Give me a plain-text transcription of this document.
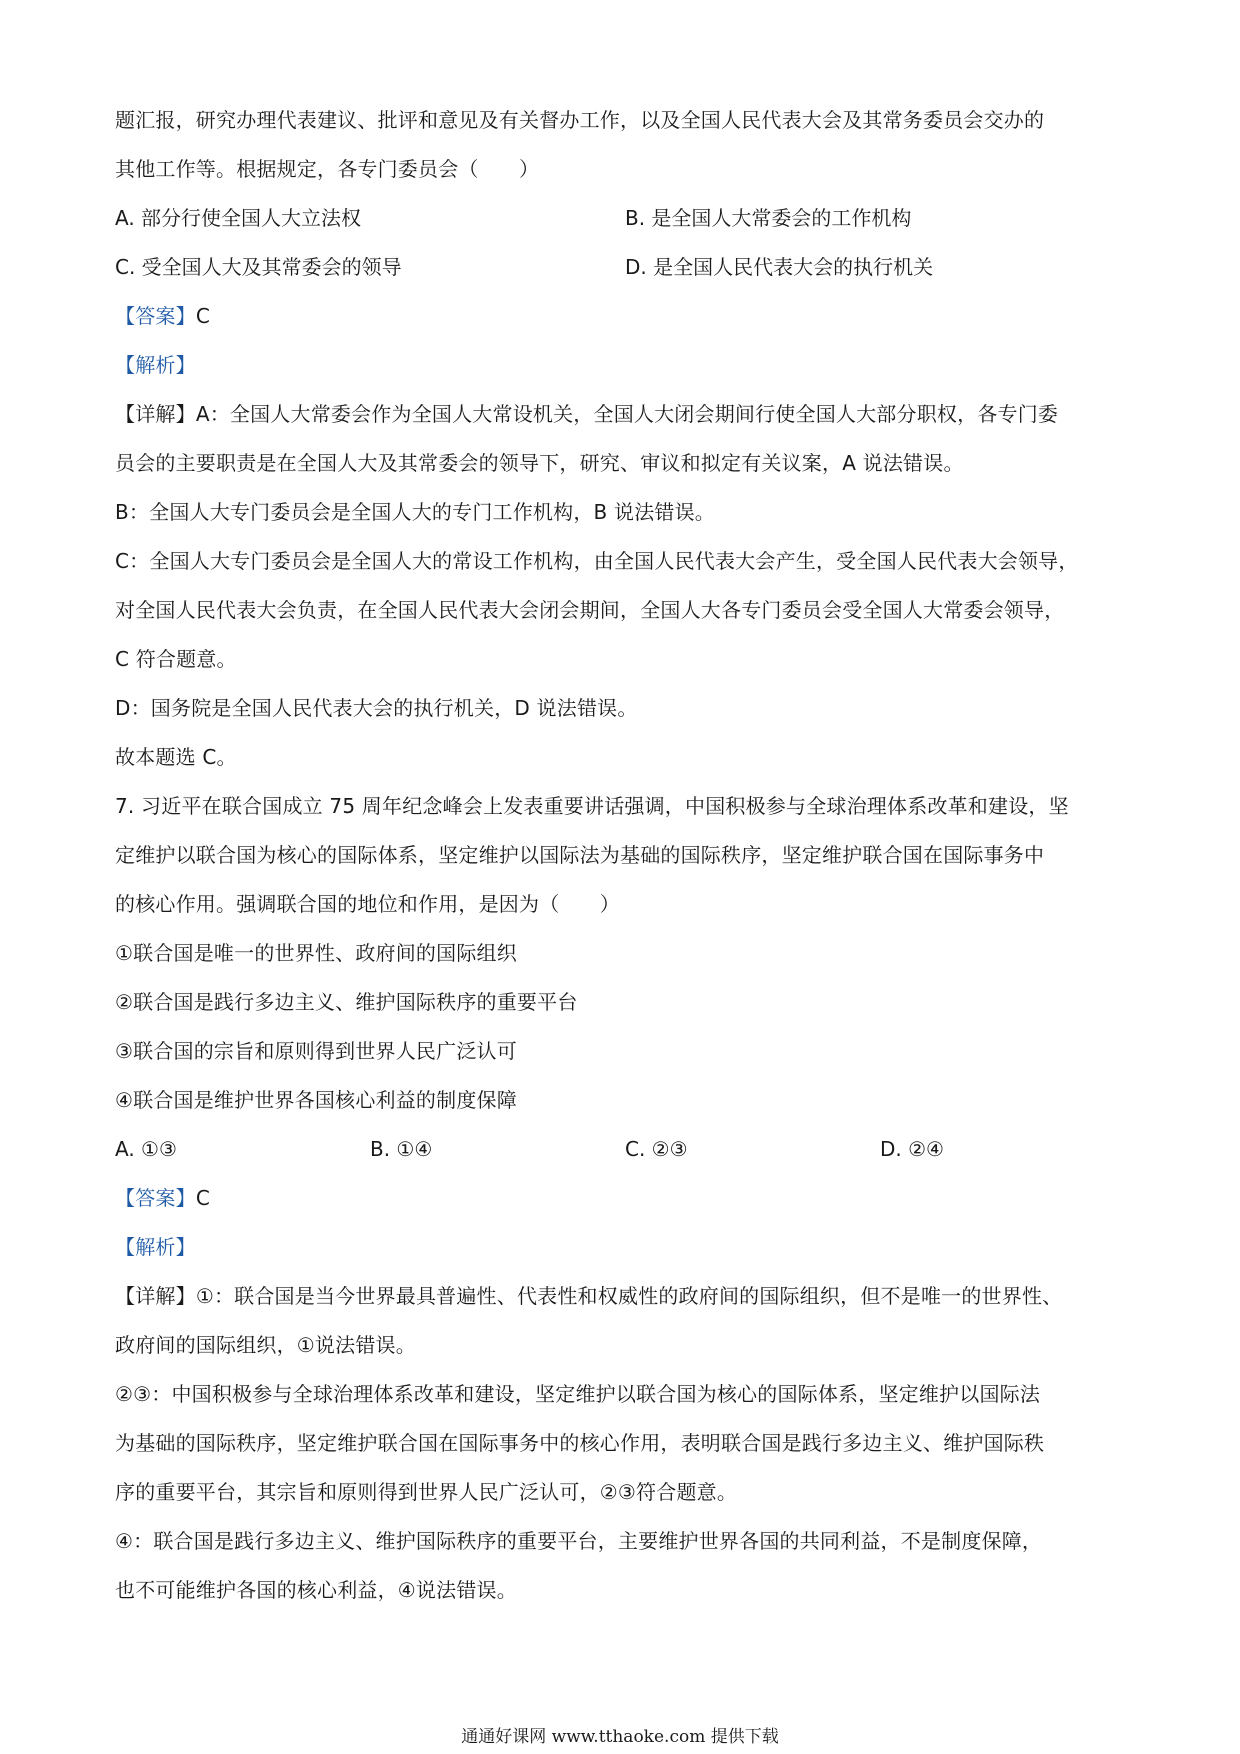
题汇报，研究办理代表建议、批评和意见及有关督办工作，以及全国人民代表大会及其常务委员会交办的
其他工作等。根据规定，各专门委员会（　　）
A. 部分行使全国人大立法权	B. 是全国人大常委会的工作机构
C. 受全国人大及其常委会的领导	D. 是全国人民代表大会的执行机关
【答案】C
【解析】
【详解】A：全国人大常委会作为全国人大常设机关，全国人大闭会期间行使全国人大部分职权，各专门委
员会的主要职责是在全国人大及其常委会的领导下，研究、审议和拟定有关议案，A 说法错误。
B：全国人大专门委员会是全国人大的专门工作机构，B 说法错误。
C：全国人大专门委员会是全国人大的常设工作机构，由全国人民代表大会产生，受全国人民代表大会领导，
对全国人民代表大会负责，在全国人民代表大会闭会期间，全国人大各专门委员会受全国人大常委会领导，
C 符合题意。
D：国务院是全国人民代表大会的执行机关，D 说法错误。
故本题选 C。
7. 习近平在联合国成立 75 周年纪念峰会上发表重要讲话强调，中国积极参与全球治理体系改革和建设，坚
定维护以联合国为核心的国际体系，坚定维护以国际法为基础的国际秩序，坚定维护联合国在国际事务中
的核心作用。强调联合国的地位和作用，是因为（　　）
①联合国是唯一的世界性、政府间的国际组织
②联合国是践行多边主义、维护国际秩序的重要平台
③联合国的宗旨和原则得到世界人民广泛认可
④联合国是维护世界各国核心利益的制度保障
A. ①③	B. ①④	C. ②③	D. ②④
【答案】C
【解析】
【详解】①：联合国是当今世界最具普遍性、代表性和权威性的政府间的国际组织，但不是唯一的世界性、
政府间的国际组织，①说法错误。
②③：中国积极参与全球治理体系改革和建设，坚定维护以联合国为核心的国际体系，坚定维护以国际法
为基础的国际秩序，坚定维护联合国在国际事务中的核心作用，表明联合国是践行多边主义、维护国际秩
序的重要平台，其宗旨和原则得到世界人民广泛认可，②③符合题意。
④：联合国是践行多边主义、维护国际秩序的重要平台，主要维护世界各国的共同利益，不是制度保障，
也不可能维护各国的核心利益，④说法错误。
通通好课网 www.tthaoke.com 提供下载
